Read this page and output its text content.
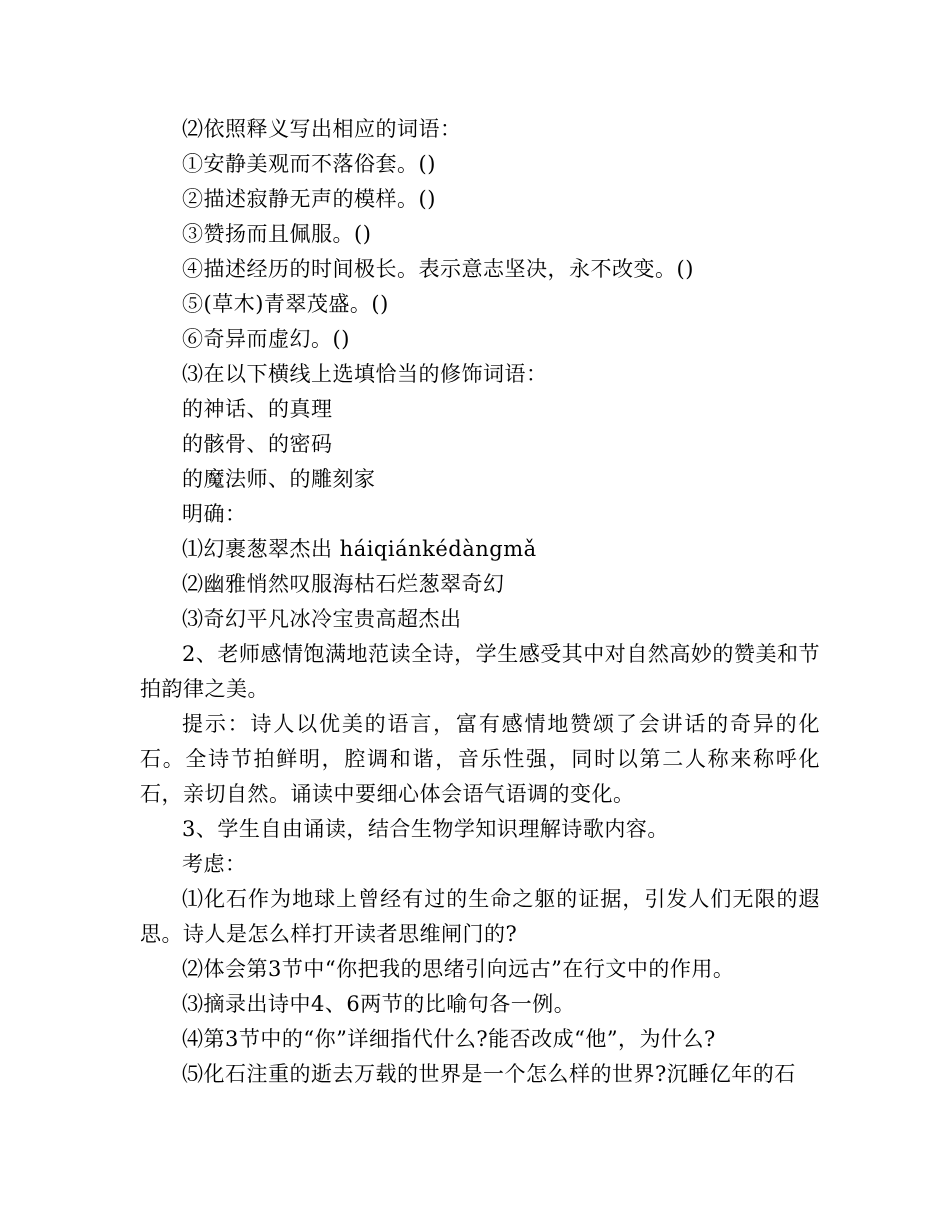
⑵依照释义写出相应的词语：
①安静美观而不落俗套。()
②描述寂静无声的模样。()
③赞扬而且佩服。()
④描述经历的时间极长。表示意志坚决，永不改变。()
⑤(草木)青翠茂盛。()
⑥奇异而虚幻。()
⑶在以下横线上选填恰当的修饰词语：
的神话、的真理
的骸骨、的密码
的魔法师、的雕刻家
明确：
⑴幻裹葱翠杰出 háiqiánkédàngmǎ
⑵幽雅悄然叹服海枯石烂葱翠奇幻
⑶奇幻平凡冰冷宝贵高超杰出
2、老师感情饱满地范读全诗，学生感受其中对自然高妙的赞美和节拍韵律之美。
提示：诗人以优美的语言，富有感情地赞颂了会讲话的奇异的化石。全诗节拍鲜明，腔调和谐，音乐性强，同时以第二人称来称呼化石，亲切自然。诵读中要细心体会语气语调的变化。
3、学生自由诵读，结合生物学知识理解诗歌内容。
考虑：
⑴化石作为地球上曾经有过的生命之躯的证据，引发人们无限的遐思。诗人是怎么样打开读者思维闸门的?
⑵体会第3节中“你把我的思绪引向远古”在行文中的作用。
⑶摘录出诗中4、6两节的比喻句各一例。
⑷第3节中的“你”详细指代什么?能否改成“他”，为什么?
⑸化石注重的逝去万载的世界是一个怎么样的世界?沉睡亿年的石
